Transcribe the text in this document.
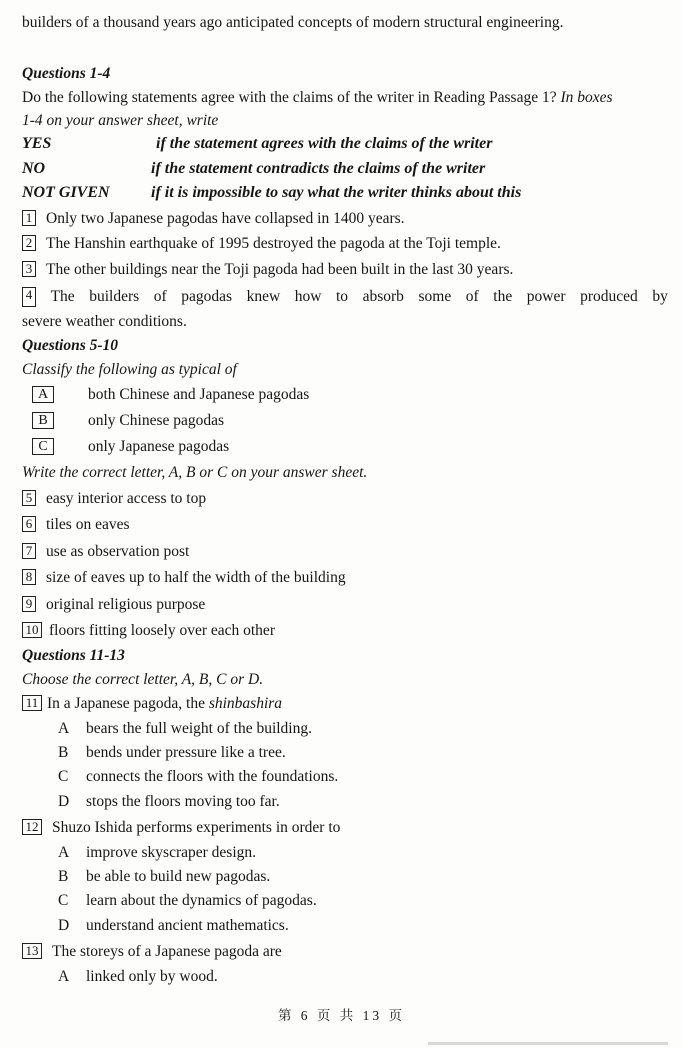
builders of a thousand years ago anticipated concepts of modern structural engineering.
Questions 1-4
Do the following statements agree with the claims of the writer in Reading Passage 1? In boxes
1-4 on your answer sheet, write
YES	if the statement agrees with the claims of the writer
NO	if the statement contradicts the claims of the writer
NOT GIVEN	if it is impossible to say what the writer thinks about this
1 Only two Japanese pagodas have collapsed in 1400 years.
2 The Hanshin earthquake of 1995 destroyed the pagoda at the Toji temple.
3 The other buildings near the Toji pagoda had been built in the last 30 years.
4 The builders of pagodas knew how to absorb some of the power produced by
severe weather conditions.
Questions 5-10
Classify the following as typical of
A	both Chinese and Japanese pagodas
B	only Chinese pagodas
C	only Japanese pagodas
Write the correct letter, A, B or C on your answer sheet.
5 easy interior access to top
6 tiles on eaves
7 use as observation post
8 size of eaves up to half the width of the building
9 original religious purpose
10 floors fitting loosely over each other
Questions 11-13
Choose the correct letter, A, B, C or D.
11 In a Japanese pagoda, the shinbashira
A bears the full weight of the building.
B bends under pressure like a tree.
C connects the floors with the foundations.
D stops the floors moving too far.
12 Shuzo Ishida performs experiments in order to
A improve skyscraper design.
B be able to build new pagodas.
C learn about the dynamics of pagodas.
D understand ancient mathematics.
13 The storeys of a Japanese pagoda are
A linked only by wood.
第 6 页 共 13 页
